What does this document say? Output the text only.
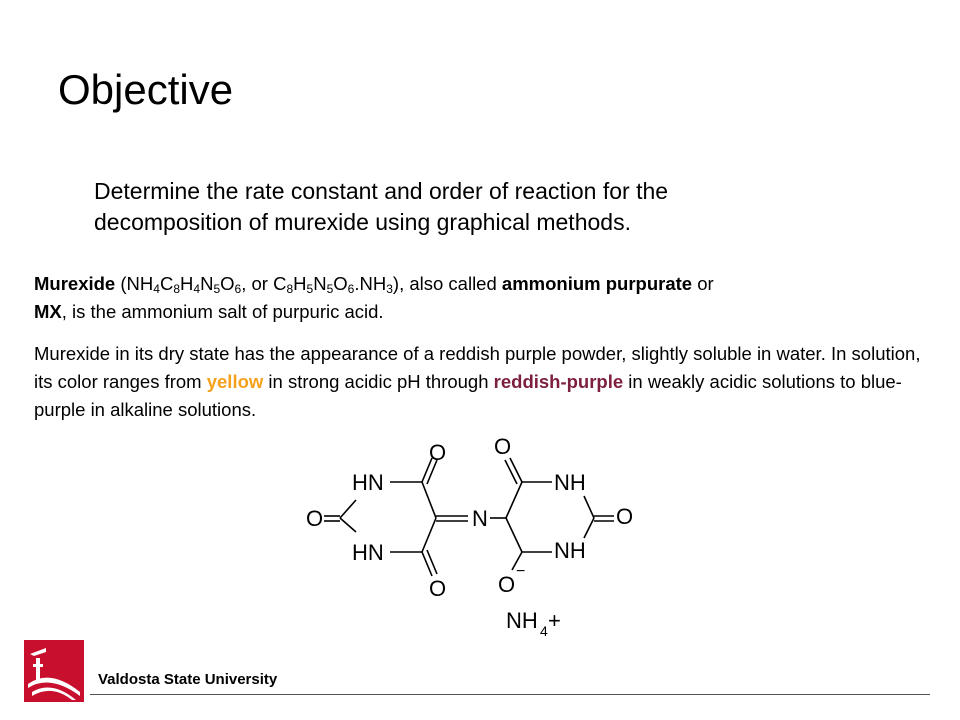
Objective
Determine the rate constant and order of reaction for the decomposition of murexide using graphical methods.
Murexide ($NH_4C_8H_4N_5O_6$, or $C_8H_5N_5O_6.NH_3$), also called ammonium purpurate or
MX, is the ammonium salt of purpuric acid.
Murexide in its dry state has the appearance of a reddish purple powder, slightly soluble in water. In solution, its color ranges from yellow in strong acidic pH through reddish-purple in weakly acidic solutions to blue-purple in alkaline solutions.
O
HN
O
HN
O
N
O
NH
O
NH
O
−
NH 4 +
Valdosta State University
